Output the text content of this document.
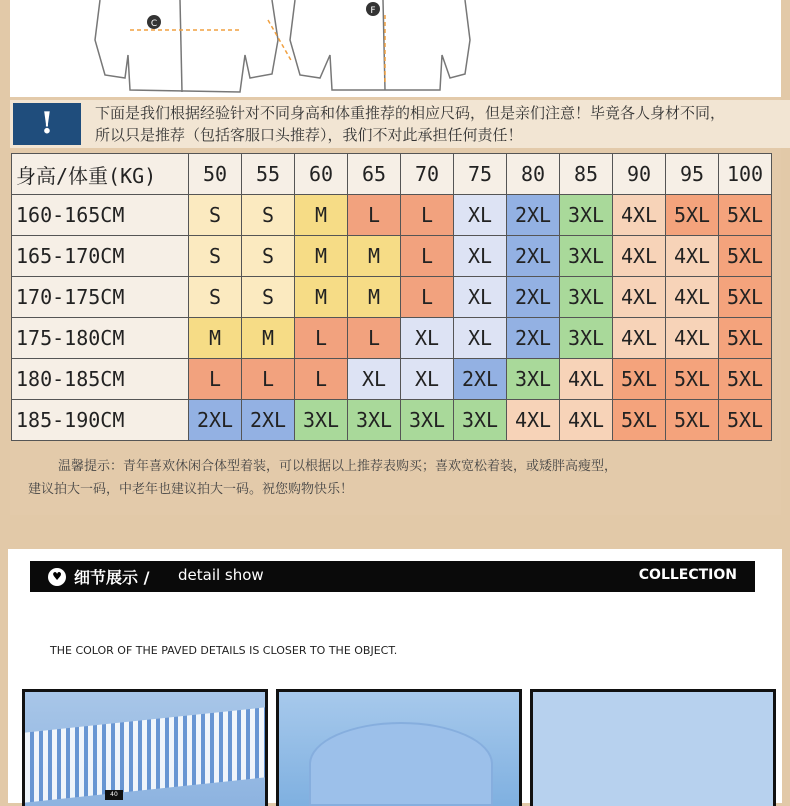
C
F
!	下面是我们根据经验针对不同身高和体重推荐的相应尺码，但是亲们注意！毕竟各人身材不同，
所以只是推荐（包括客服口头推荐），我们不对此承担任何责任！
身高/体重(KG)	50	55	60	65	70	75	80	85	90	95	100
160-165CM	S	S	M	L	L	XL	2XL	3XL	4XL	5XL	5XL
165-170CM	S	S	M	M	L	XL	2XL	3XL	4XL	4XL	5XL
170-175CM	S	S	M	M	L	XL	2XL	3XL	4XL	4XL	5XL
175-180CM	M	M	L	L	XL	XL	2XL	3XL	4XL	4XL	5XL
180-185CM	L	L	L	XL	XL	2XL	3XL	4XL	5XL	5XL	5XL
185-190CM	2XL	2XL	3XL	3XL	3XL	3XL	4XL	4XL	5XL	5XL	5XL
温馨提示：青年喜欢休闲合体型着装，可以根据以上推荐表购买；喜欢宽松着装，或矮胖高瘦型，
建议拍大一码，中老年也建议拍大一码。祝您购物快乐！
♥ 细节展示 / detail show	COLLECTION
THE COLOR OF THE PAVED DETAILS IS CLOSER TO THE OBJECT.
40
